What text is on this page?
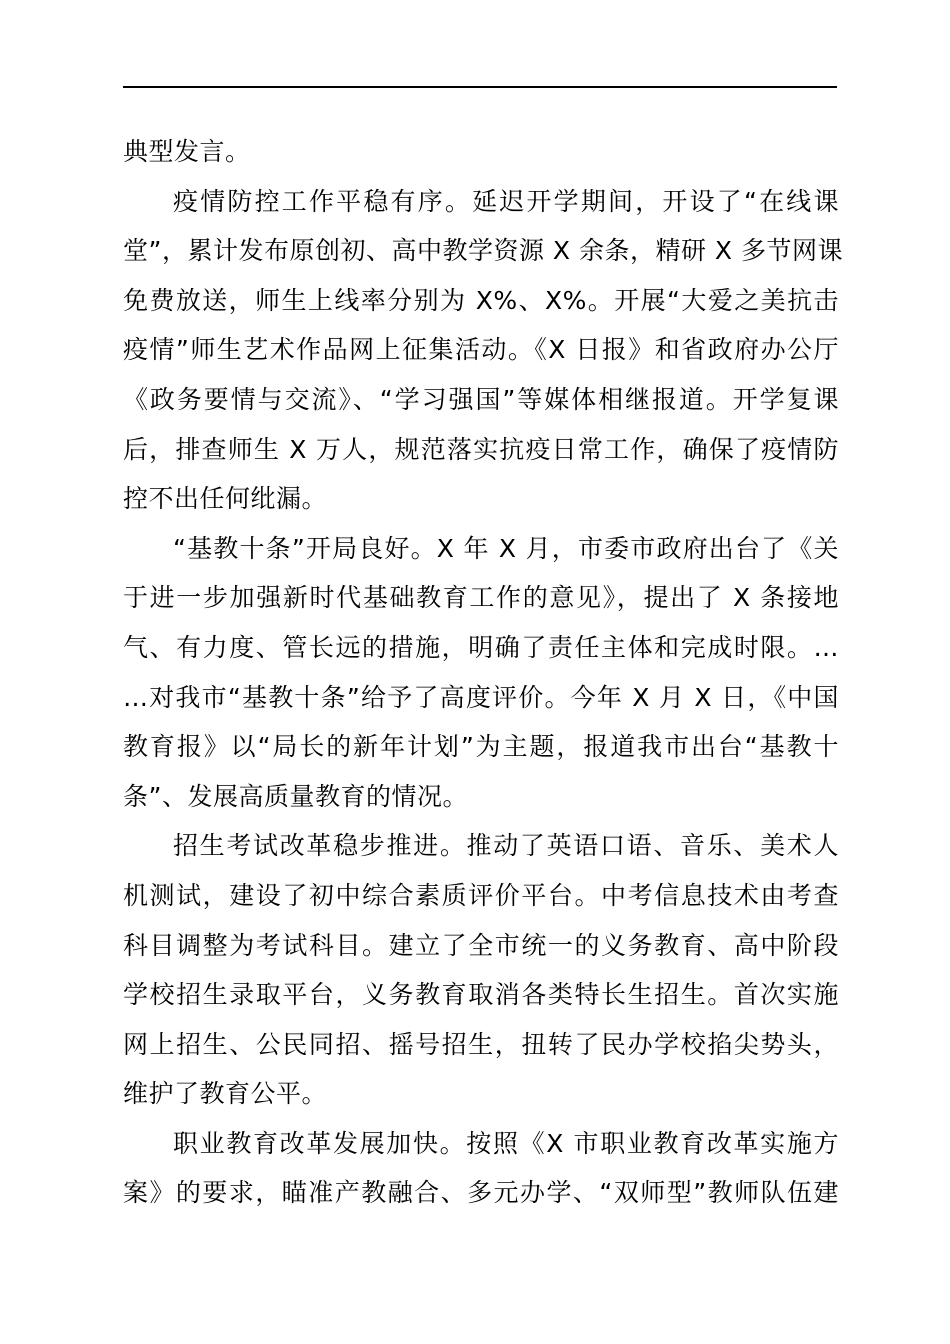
典型发言。
疫情防控工作平稳有序。延迟开学期间，开设了“在线课
堂”，累计发布原创初、高中教学资源 X 余条，精研 X 多节网课
免费放送，师生上线率分别为 X%、X%。开展“大爱之美抗击
疫情”师生艺术作品网上征集活动。《X 日报》和省政府办公厅
《政务要情与交流》、“学习强国”等媒体相继报道。开学复课
后，排查师生 X 万人，规范落实抗疫日常工作，确保了疫情防
控不出任何纰漏。
“基教十条”开局良好。X 年 X 月，市委市政府出台了《关
于进一步加强新时代基础教育工作的意见》，提出了 X 条接地
气、有力度、管长远的措施，明确了责任主体和完成时限。…
…对我市“基教十条”给予了高度评价。今年 X 月 X 日，《中国
教育报》以“局长的新年计划”为主题，报道我市出台“基教十
条”、发展高质量教育的情况。
招生考试改革稳步推进。推动了英语口语、音乐、美术人
机测试，建设了初中综合素质评价平台。中考信息技术由考查
科目调整为考试科目。建立了全市统一的义务教育、高中阶段
学校招生录取平台，义务教育取消各类特长生招生。首次实施
网上招生、公民同招、摇号招生，扭转了民办学校掐尖势头，
维护了教育公平。
职业教育改革发展加快。按照《X 市职业教育改革实施方
案》的要求，瞄准产教融合、多元办学、“双师型”教师队伍建
